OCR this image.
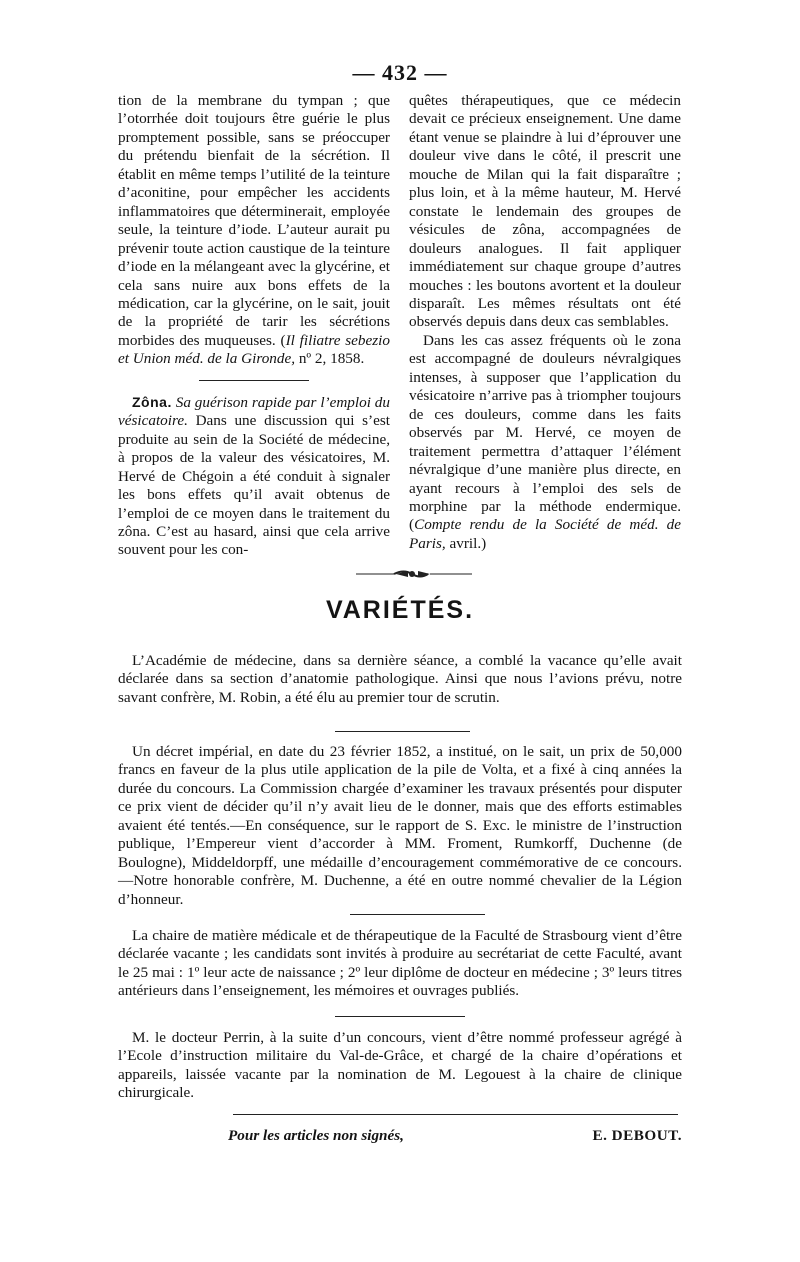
— 432 —

tion de la membrane du tympan ; que l’otorrhée doit toujours être guérie le plus promptement possible, sans se préoccuper du prétendu bienfait de la sécrétion. Il établit en même temps l’utilité de la teinture d’aconitine, pour empêcher les accidents inflammatoires que déterminerait, employée seule, la teinture d’iode. L’auteur aurait pu prévenir toute action caustique de la teinture d’iode en la mélangeant avec la glycérine, et cela sans nuire aux bons effets de la médication, car la glycérine, on le sait, jouit de la propriété de tarir les sécrétions morbides des muqueuses. (Il filiatre sebezio et Union méd. de la Gironde, nº 2, 1858.

Zôna. Sa guérison rapide par l’emploi du vésicatoire. Dans une discussion qui s’est produite au sein de la Société de médecine, à propos de la valeur des vésicatoires, M. Hervé de Chégoin a été conduit à signaler les bons effets qu’il avait obtenus de l’emploi de ce moyen dans le traitement du zôna. C’est au hasard, ainsi que cela arrive souvent pour les con-

quêtes thérapeutiques, que ce médecin devait ce précieux enseignement. Une dame étant venue se plaindre à lui d’éprouver une douleur vive dans le côté, il prescrit une mouche de Milan qui la fait disparaître ; plus loin, et à la même hauteur, M. Hervé constate le lendemain des groupes de vésicules de zôna, accompagnées de douleurs analogues. Il fait appliquer immédiatement sur chaque groupe d’autres mouches : les boutons avortent et la douleur disparaît. Les mêmes résultats ont été observés depuis dans deux cas semblables.

Dans les cas assez fréquents où le zona est accompagné de douleurs névralgiques intenses, à supposer que l’application du vésicatoire n’arrive pas à triompher toujours de ces douleurs, comme dans les faits observés par M. Hervé, ce moyen de traitement permettra d’attaquer l’élément névralgique d’une manière plus directe, en ayant recours à l’emploi des sels de morphine par la méthode endermique. (Compte rendu de la Société de méd. de Paris, avril.)

VARIÉTÉS.

L’Académie de médecine, dans sa dernière séance, a comblé la vacance qu’elle avait déclarée dans sa section d’anatomie pathologique. Ainsi que nous l’avions prévu, notre savant confrère, M. Robin, a été élu au premier tour de scrutin.

Un décret impérial, en date du 23 février 1852, a institué, on le sait, un prix de 50,000 francs en faveur de la plus utile application de la pile de Volta, et a fixé à cinq années la durée du concours. La Commission chargée d’examiner les travaux présentés pour disputer ce prix vient de décider qu’il n’y avait lieu de le donner, mais que des efforts estimables avaient été tentés.—En conséquence, sur le rapport de S. Exc. le ministre de l’instruction publique, l’Empereur vient d’accorder à MM. Froment, Rumkorff, Duchenne (de Boulogne), Middeldorpff, une médaille d’encouragement commémorative de ce concours. —Notre honorable confrère, M. Duchenne, a été en outre nommé chevalier de la Légion d’honneur.

La chaire de matière médicale et de thérapeutique de la Faculté de Strasbourg vient d’être déclarée vacante ; les candidats sont invités à produire au secrétariat de cette Faculté, avant le 25 mai : 1º leur acte de naissance ; 2º leur diplôme de docteur en médecine ; 3º leurs titres antérieurs dans l’enseignement, les mémoires et ouvrages publiés.

M. le docteur Perrin, à la suite d’un concours, vient d’être nommé professeur agrégé à l’Ecole d’instruction militaire du Val-de-Grâce, et chargé de la chaire d’opérations et appareils, laissée vacante par la nomination de M. Legouest à la chaire de clinique chirurgicale.

Pour les articles non signés,	E. DEBOUT.
